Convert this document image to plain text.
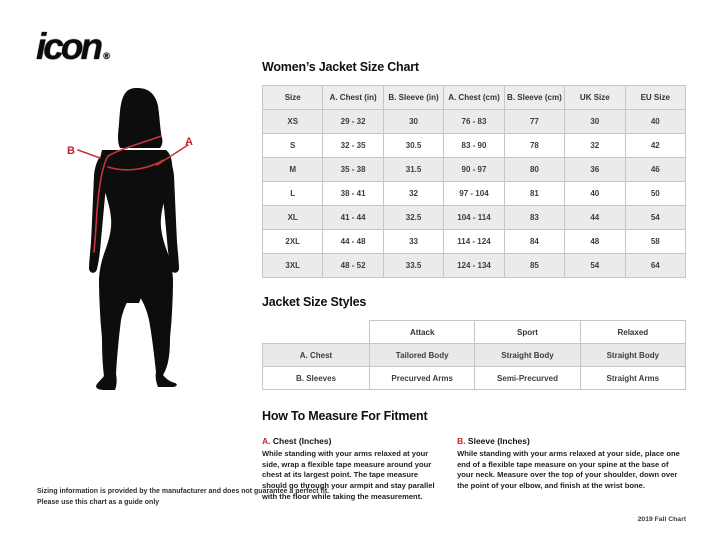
icon ®
A
B
Women’s Jacket Size Chart
Size	A. Chest (in)	B. Sleeve (in)	A. Chest (cm)	B. Sleeve (cm)	UK Size	EU Size
XS	29 - 32	30	76 - 83	77	30	40
S	32 - 35	30.5	83 - 90	78	32	42
M	35 - 38	31.5	90 - 97	80	36	46
L	38 - 41	32	97 - 104	81	40	50
XL	41 - 44	32.5	104 - 114	83	44	54
2XL	44 - 48	33	114 - 124	84	48	58
3XL	48 - 52	33.5	124 - 134	85	54	64
Jacket Size Styles
	Attack	Sport	Relaxed
A. Chest	Tailored Body	Straight Body	Straight Body
B. Sleeves	Precurved Arms	Semi-Precurved	Straight Arms
How To Measure For Fitment
A. Chest (Inches)
While standing with your arms relaxed at your side, wrap a flexible tape measure around your chest at its largest point. The tape measure should go through your armpit and stay parallel with the floor while taking the measurement.
B. Sleeve (Inches)
While standing with your arms relaxed at your side, place one end of a flexible tape measure on your spine at the base of your neck. Measure over the top of your shoulder, down over the point of your elbow, and finish at the wrist bone.
Sizing information is provided by the manufacturer and does not guarantee a perfect fit.
Please use this chart as a guide only
2019 Fall Chart
